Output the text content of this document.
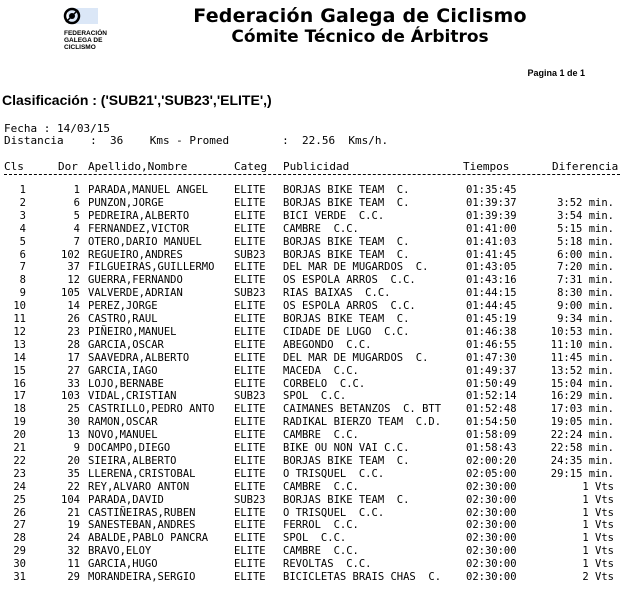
FEDERACIÓN
GALEGA DE
CICLISMO
Federación Galega de Ciclismo
Cómite Técnico de Árbitros
Pagina 1 de 1
Clasificación : ('SUB21','SUB23','ELITE',)
Fecha : 14/03/15
Distancia    :  36    Kms - Promed        :  22.56  Kms/h.
Cls	Dor Apellido,Nombre	Categ Publicidad	Tiempos	Diferencia
1	1 PARADA,MANUEL ANGEL ELITE BORJAS BIKE TEAM  C.	01:35:45
2	6 PUNZON,JORGE	ELITE BORJAS BIKE TEAM  C.	01:39:37	3:52 min.
3	5 PEDREIRA,ALBERTO	ELITE BICI VERDE  C.C.	01:39:39	3:54 min.
4	4 FERNANDEZ,VICTOR	ELITE CAMBRE  C.C.	01:41:00	5:15 min.
5	7 OTERO,DARIO MANUEL	ELITE BORJAS BIKE TEAM  C.	01:41:03	5:18 min.
6	102 REGUEIRO,ANDRES	SUB23 BORJAS BIKE TEAM  C.	01:41:45	6:00 min.
7	37 FILGUEIRAS,GUILLERMO ELITE DEL MAR DE MUGARDOS  C.	01:43:05	7:20 min.
8	12 GUERRA,FERNANDO	ELITE OS ESPOLA ARROS  C.C.	01:43:16	7:31 min.
9	105 VALVERDE,ADRIAN	SUB23 RIAS BAIXAS  C.C.	01:44:15	8:30 min.
10	14 PEREZ,JORGE	ELITE OS ESPOLA ARROS  C.C.	01:44:45	9:00 min.
11	26 CASTRO,RAUL	ELITE BORJAS BIKE TEAM  C.	01:45:19	9:34 min.
12	23 PIÑEIRO,MANUEL	ELITE CIDADE DE LUGO  C.C.	01:46:38	10:53 min.
13	28 GARCIA,OSCAR	ELITE ABEGONDO  C.C.	01:46:55	11:10 min.
14	17 SAAVEDRA,ALBERTO	ELITE DEL MAR DE MUGARDOS  C.	01:47:30	11:45 min.
15	27 GARCIA,IAGO	ELITE MACEDA  C.C.	01:49:37	13:52 min.
16	33 LOJO,BERNABE	ELITE CORBELO  C.C.	01:50:49	15:04 min.
17	103 VIDAL,CRISTIAN	SUB23 SPOL  C.C.	01:52:14	16:29 min.
18	25 CASTRILLO,PEDRO ANTO ELITE CAIMANES BETANZOS  C. BTT 01:52:48	17:03 min.
19	30 RAMON,OSCAR	ELITE RADIKAL BIERZO TEAM  C.D. 01:54:50	19:05 min.
20	13 NOVO,MANUEL	ELITE CAMBRE  C.C.	01:58:09	22:24 min.
21	9 DOCAMPO,DIEGO	ELITE BIKE OU NON VAI C.C.	01:58:43	22:58 min.
22	20 SIEIRA,ALBERTO	ELITE BORJAS BIKE TEAM  C.	02:00:20	24:35 min.
23	35 LLERENA,CRISTOBAL	ELITE O TRISQUEL  C.C.	02:05:00	29:15 min.
24	22 REY,ALVARO ANTON	ELITE CAMBRE  C.C.	02:30:00	1 Vts
25	104 PARADA,DAVID	SUB23 BORJAS BIKE TEAM  C.	02:30:00	1 Vts
26	21 CASTIÑEIRAS,RUBEN	ELITE O TRISQUEL  C.C.	02:30:00	1 Vts
27	19 SANESTEBAN,ANDRES	ELITE FERROL  C.C.	02:30:00	1 Vts
28	24 ABALDE,PABLO PANCRA ELITE SPOL  C.C.	02:30:00	1 Vts
29	32 BRAVO,ELOY	ELITE CAMBRE  C.C.	02:30:00	1 Vts
30	11 GARCIA,HUGO	ELITE REVOLTAS  C.C.	02:30:00	1 Vts
31	29 MORANDEIRA,SERGIO	ELITE BICICLETAS BRAIS CHAS  C. 02:30:00	2 Vts
